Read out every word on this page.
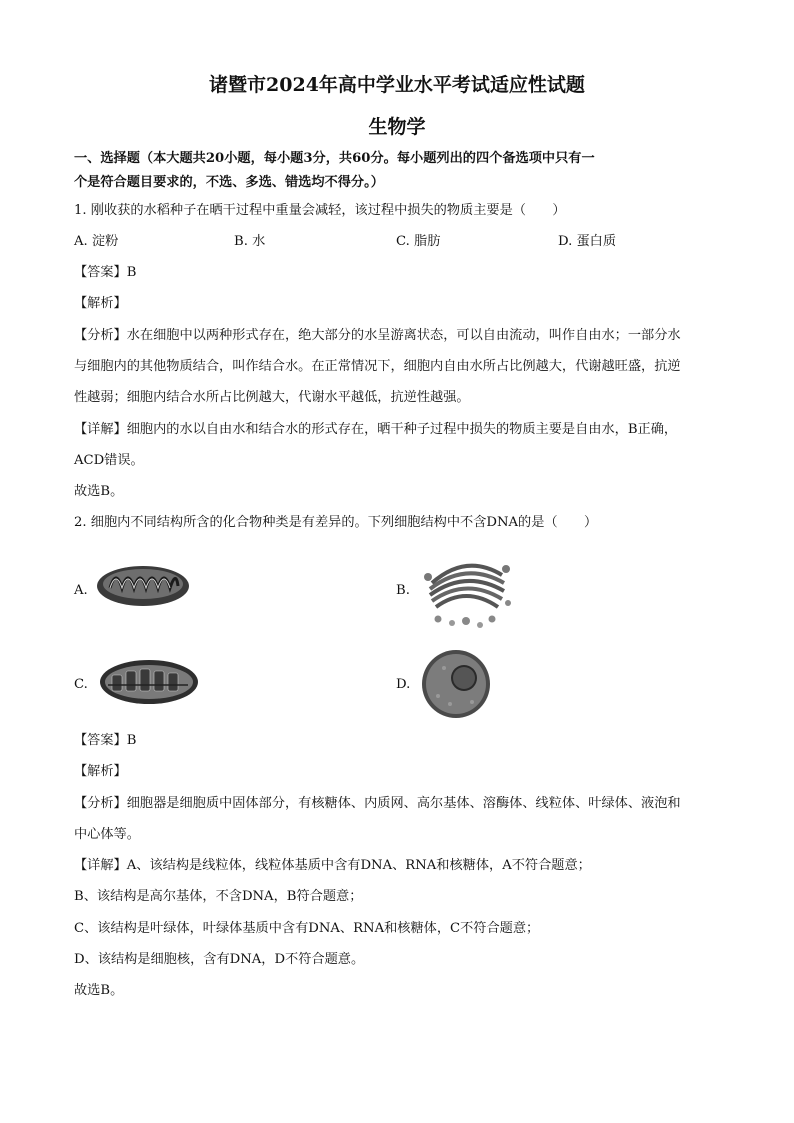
诸暨市2024年高中学业水平考试适应性试题
生物学
一、选择题（本大题共20小题，每小题3分，共60分。每小题列出的四个备选项中只有一
个是符合题目要求的，不选、多选、错选均不得分。）
1. 刚收获的水稻种子在晒干过程中重量会减轻，该过程中损失的物质主要是（　　）
A. 淀粉	B. 水	C. 脂肪	D. 蛋白质
【答案】B
【解析】
【分析】水在细胞中以两种形式存在，绝大部分的水呈游离状态，可以自由流动，叫作自由水；一部分水
与细胞内的其他物质结合，叫作结合水。在正常情况下，细胞内自由水所占比例越大，代谢越旺盛，抗逆
性越弱；细胞内结合水所占比例越大，代谢水平越低，抗逆性越强。
【详解】细胞内的水以自由水和结合水的形式存在，晒干种子过程中损失的物质主要是自由水，B正确，
ACD错误。
故选B。
2. 细胞内不同结构所含的化合物种类是有差异的。下列细胞结构中不含DNA的是（　　）
A.	B.
C.	D.
【答案】B
【解析】
【分析】细胞器是细胞质中固体部分，有核糖体、内质网、高尔基体、溶酶体、线粒体、叶绿体、液泡和
中心体等。
【详解】A、该结构是线粒体，线粒体基质中含有DNA、RNA和核糖体，A不符合题意；
B、该结构是高尔基体，不含DNA，B符合题意；
C、该结构是叶绿体，叶绿体基质中含有DNA、RNA和核糖体，C不符合题意；
D、该结构是细胞核，含有DNA，D不符合题意。
故选B。
